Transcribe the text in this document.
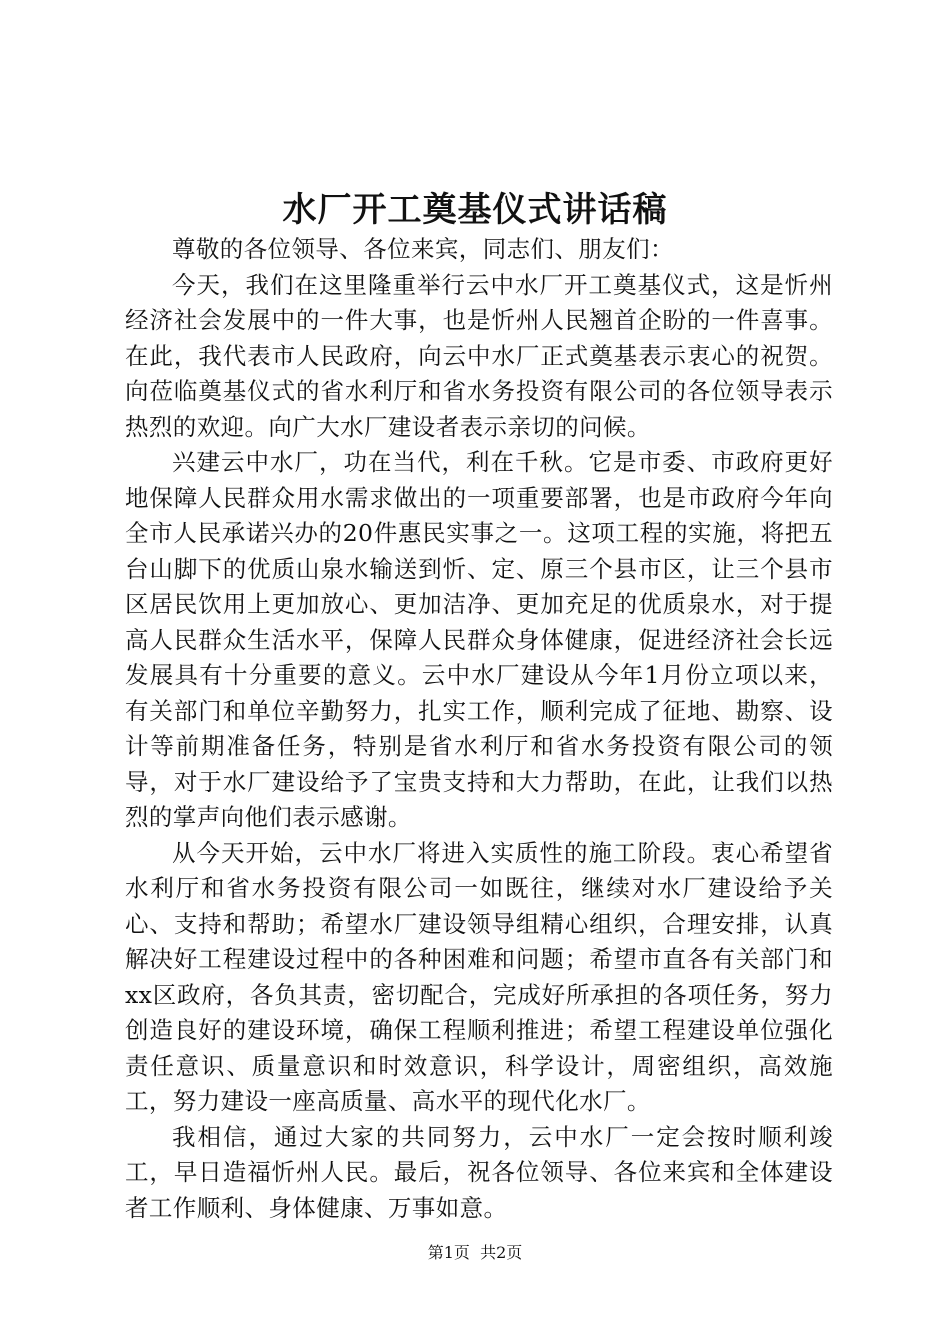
水厂开工奠基仪式讲话稿

尊敬的各位领导、各位来宾，同志们、朋友们：

今天，我们在这里隆重举行云中水厂开工奠基仪式，这是忻州经济社会发展中的一件大事，也是忻州人民翘首企盼的一件喜事。在此，我代表市人民政府，向云中水厂正式奠基表示衷心的祝贺。向莅临奠基仪式的省水利厅和省水务投资有限公司的各位领导表示热烈的欢迎。向广大水厂建设者表示亲切的问候。

兴建云中水厂，功在当代，利在千秋。它是市委、市政府更好地保障人民群众用水需求做出的一项重要部署，也是市政府今年向全市人民承诺兴办的20件惠民实事之一。这项工程的实施，将把五台山脚下的优质山泉水输送到忻、定、原三个县市区，让三个县市区居民饮用上更加放心、更加洁净、更加充足的优质泉水，对于提高人民群众生活水平，保障人民群众身体健康，促进经济社会长远发展具有十分重要的意义。云中水厂建设从今年1月份立项以来，有关部门和单位辛勤努力，扎实工作，顺利完成了征地、勘察、设计等前期准备任务，特别是省水利厅和省水务投资有限公司的领导，对于水厂建设给予了宝贵支持和大力帮助，在此，让我们以热烈的掌声向他们表示感谢。

从今天开始，云中水厂将进入实质性的施工阶段。衷心希望省水利厅和省水务投资有限公司一如既往，继续对水厂建设给予关心、支持和帮助；希望水厂建设领导组精心组织，合理安排，认真解决好工程建设过程中的各种困难和问题；希望市直各有关部门和xx区政府，各负其责，密切配合，完成好所承担的各项任务，努力创造良好的建设环境，确保工程顺利推进；希望工程建设单位强化责任意识、质量意识和时效意识，科学设计，周密组织，高效施工，努力建设一座高质量、高水平的现代化水厂。

我相信，通过大家的共同努力，云中水厂一定会按时顺利竣工，早日造福忻州人民。最后，祝各位领导、各位来宾和全体建设者工作顺利、身体健康、万事如意。

第1页 共2页
